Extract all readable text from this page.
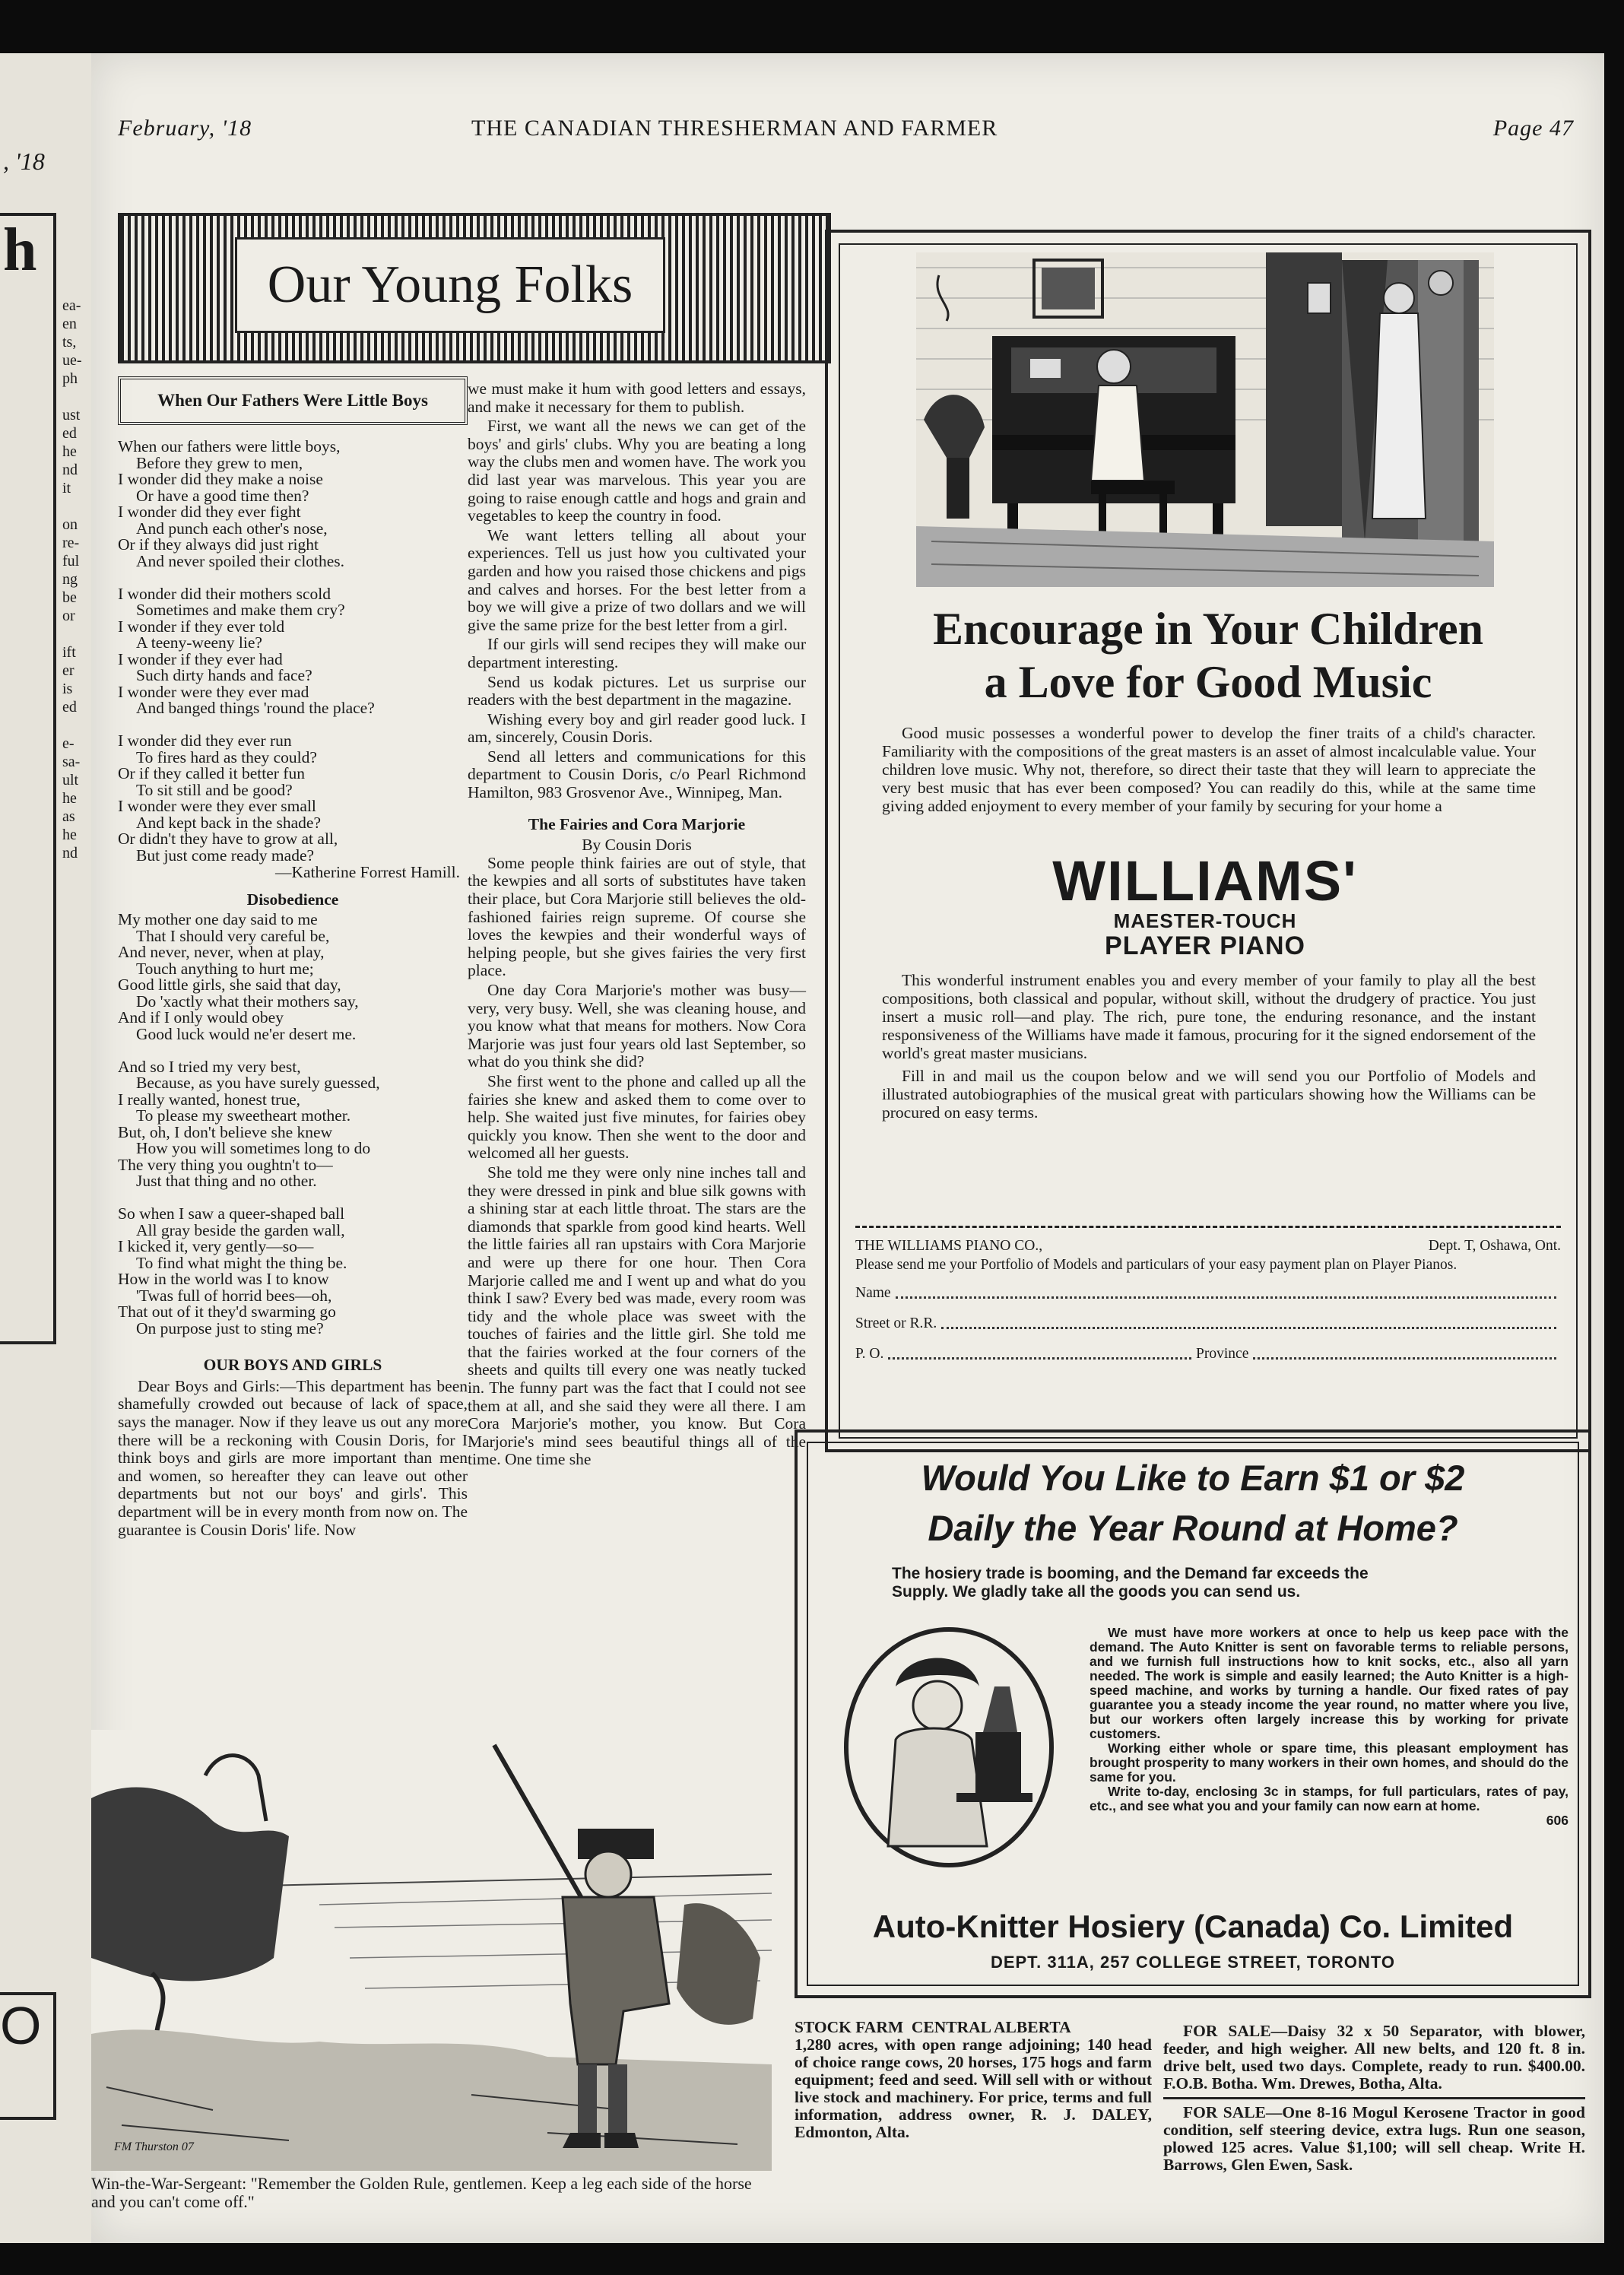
, '18
h
ea-
en
ts,
ue-
ph

ust
ed
he
nd
it

on
re-
ful
ng
be
or

ift
er
is
ed

e-
sa-
ult
he
as
he
nd
O
February, '18	THE CANADIAN THRESHERMAN AND FARMER	Page 47
Our Young Folks
When Our Fathers Were Little Boys
When our fathers were little boys,
Before they grew to men,
I wonder did they make a noise
Or have a good time then?
I wonder did they ever fight
And punch each other's nose,
Or if they always did just right
And never spoiled their clothes.

I wonder did their mothers scold
Sometimes and make them cry?
I wonder if they ever told
A teeny-weeny lie?
I wonder if they ever had
Such dirty hands and face?
I wonder were they ever mad
And banged things 'round the place?

I wonder did they ever run
To fires hard as they could?
Or if they called it better fun
To sit still and be good?
I wonder were they ever small
And kept back in the shade?
Or didn't they have to grow at all,
But just come ready made?
—Katherine Forrest Hamill.
Disobedience
My mother one day said to me
That I should very careful be,
And never, never, when at play,
Touch anything to hurt me;
Good little girls, she said that day,
Do 'xactly what their mothers say,
And if I only would obey
Good luck would ne'er desert me.

And so I tried my very best,
Because, as you have surely guessed,
I really wanted, honest true,
To please my sweetheart mother.
But, oh, I don't believe she knew
How you will sometimes long to do
The very thing you oughtn't to—
Just that thing and no other.

So when I saw a queer-shaped ball
All gray beside the garden wall,
I kicked it, very gently—so—
To find what might the thing be.
How in the world was I to know
'Twas full of horrid bees—oh,
That out of it they'd swarming go
On purpose just to sting me?
OUR BOYS AND GIRLS

Dear Boys and Girls:—This department has been shamefully crowded out because of lack of space, says the manager. Now if they leave us out any more there will be a reckoning with Cousin Doris, for I think boys and girls are more important than men and women, so hereafter they can leave out other departments but not our boys' and girls'. This department will be in every month from now on. The guarantee is Cousin Doris' life. Now

we must make it hum with good letters and essays, and make it necessary for them to publish.

First, we want all the news we can get of the boys' and girls' clubs. Why you are beating a long way the clubs men and women have. The work you did last year was marvelous. This year you are going to raise enough cattle and hogs and grain and vegetables to keep the country in food.

We want letters telling all about your experiences. Tell us just how you cultivated your garden and how you raised those chickens and pigs and calves and horses. For the best letter from a boy we will give a prize of two dollars and we will give the same prize for the best letter from a girl.

If our girls will send recipes they will make our department interesting.

Send us kodak pictures. Let us surprise our readers with the best department in the magazine.

Wishing every boy and girl reader good luck. I am, sincerely, Cousin Doris.

Send all letters and communications for this department to Cousin Doris, c/o Pearl Richmond Hamilton, 983 Grosvenor Ave., Winnipeg, Man.

The Fairies and Cora Marjorie
By Cousin Doris

Some people think fairies are out of style, that the kewpies and all sorts of substitutes have taken their place, but Cora Marjorie still believes the old-fashioned fairies reign supreme. Of course she loves the kewpies and their wonderful ways of helping people, but she gives fairies the very first place.

One day Cora Marjorie's mother was busy—very, very busy. Well, she was cleaning house, and you know what that means for mothers. Now Cora Marjorie was just four years old last September, so what do you think she did?

She first went to the phone and called up all the fairies she knew and asked them to come over to help. She waited just five minutes, for fairies obey quickly you know. Then she went to the door and welcomed all her guests.

She told me they were only nine inches tall and they were dressed in pink and blue silk gowns with a shining star at each little throat. The stars are the diamonds that sparkle from good kind hearts. Well the little fairies all ran upstairs with Cora Marjorie and were up there for one hour. Then Cora Marjorie called me and I went up and what do you think I saw? Every bed was made, every room was tidy and the whole place was sweet with the touches of fairies and the little girl. She told me that the fairies worked at the four corners of the sheets and quilts till every one was neatly tucked in. The funny part was the fact that I could not see them at all, and she said they were all there. I am Cora Marjorie's mother, you know. But Cora Marjorie's mind sees beautiful things all of the time. One time she

FM Thurston 07
Win-the-War-Sergeant: "Remember the Golden Rule, gentlemen. Keep a leg each side of the horse and you can't come off."
Encourage in Your Children
a Love for Good Music

Good music possesses a wonderful power to develop the finer traits of a child's character. Familiarity with the compositions of the great masters is an asset of almost incalculable value. Your children love music. Why not, therefore, so direct their taste that they will learn to appreciate the very best music that has ever been composed? You can readily do this, while at the same time giving added enjoyment to every member of your family by securing for your home a

WILLIAMS'
MAESTER-TOUCH
PLAYER PIANO

This wonderful instrument enables you and every member of your family to play all the best compositions, both classical and popular, without skill, without the drudgery of practice. You just insert a music roll—and play. The rich, pure tone, the enduring resonance, and the instant responsiveness of the Williams have made it famous, procuring for it the signed endorsement of the world's great master musicians.

Fill in and mail us the coupon below and we will send you our Portfolio of Models and illustrated autobiographies of the musical great with particulars showing how the Williams can be procured on easy terms.

THE WILLIAMS PIANO CO.,	Dept. T, Oshawa, Ont.
Please send me your Portfolio of Models and particulars of your easy payment plan on Player Pianos.
Name
Street or R.R.
P. O.	Province
Would You Like to Earn $1 or $2
Daily the Year Round at Home?
The hosiery trade is booming, and the Demand far exceeds the Supply. We gladly take all the goods you can send us.

We must have more workers at once to help us keep pace with the demand. The Auto Knitter is sent on favorable terms to reliable persons, and we furnish full instructions how to knit socks, etc., also all yarn needed. The work is simple and easily learned; the Auto Knitter is a high-speed machine, and works by turning a handle. Our fixed rates of pay guarantee you a steady income the year round, no matter where you live, but our workers often largely increase this by working for private customers.

Working either whole or spare time, this pleasant employment has brought prosperity to many workers in their own homes, and should do the same for you.

Write to-day, enclosing 3c in stamps, for full particulars, rates of pay, etc., and see what you and your family can now earn at home.

606
Auto-Knitter Hosiery (Canada) Co. Limited
DEPT. 311A, 257 COLLEGE STREET, TORONTO
STOCK FARM  CENTRAL ALBERTA
1,280 acres, with open range adjoining; 140 head of choice range cows, 20 horses, 175 hogs and farm equipment; feed and seed. Will sell with or without live stock and machinery. For price, terms and full information, address owner, R. J. DALEY, Edmonton, Alta.

FOR SALE—Daisy 32 x 50 Separator, with blower, feeder, and high weigher. All new belts, and 120 ft. 8 in. drive belt, used two days. Complete, ready to run. $400.00. F.O.B. Botha. Wm. Drewes, Botha, Alta.

FOR SALE—One 8-16 Mogul Kerosene Tractor in good condition, self steering device, extra lugs. Run one season, plowed 125 acres. Value $1,100; will sell cheap. Write H. Barrows, Glen Ewen, Sask.
